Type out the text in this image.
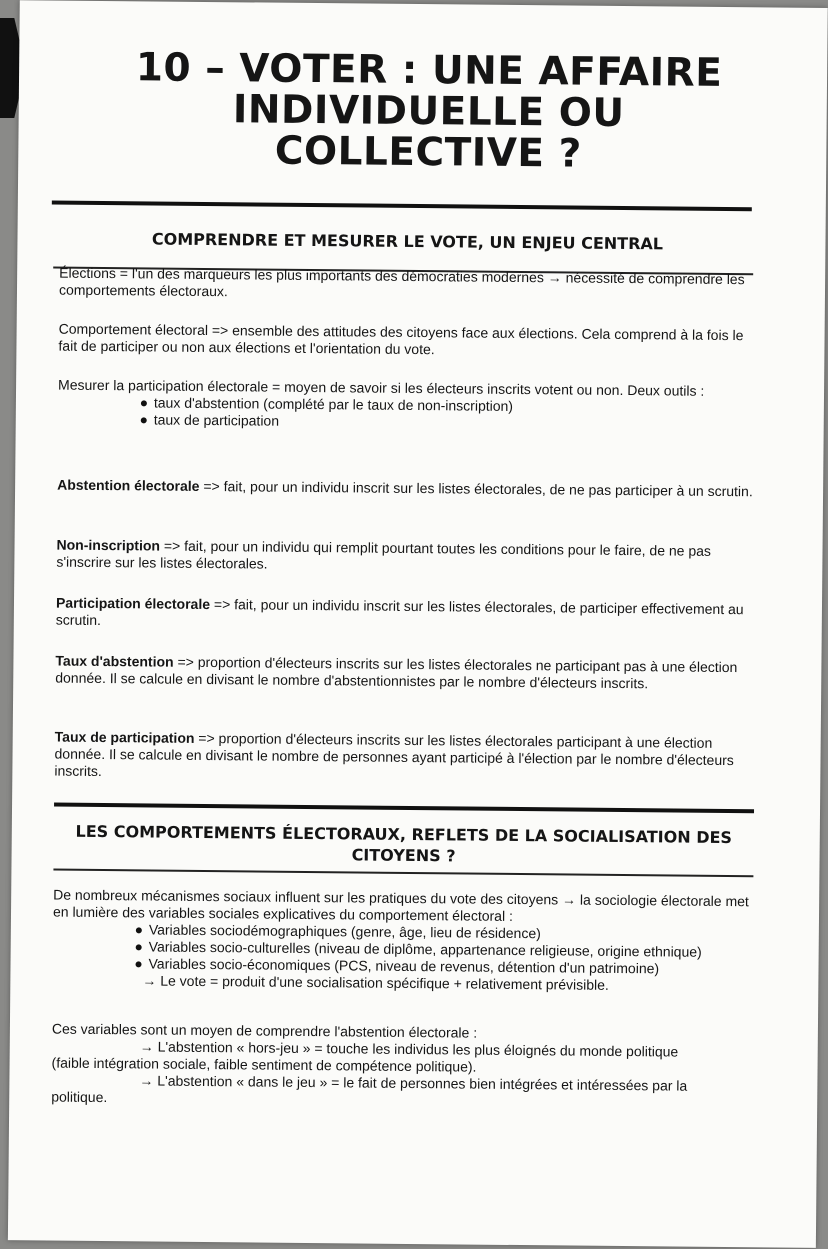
10 – VOTER : UNE AFFAIRE
INDIVIDUELLE OU
COLLECTIVE ?
COMPRENDRE ET MESURER LE VOTE, UN ENJEU CENTRAL
Élections = l'un des marqueurs les plus importants des démocraties modernes → nécessité de comprendre les comportements électoraux.
Comportement électoral => ensemble des attitudes des citoyens face aux élections. Cela comprend à la fois le fait de participer ou non aux élections et l'orientation du vote.
Mesurer la participation électorale = moyen de savoir si les électeurs inscrits votent ou non. Deux outils :
taux d'abstention (complété par le taux de non-inscription)
taux de participation
Abstention électorale => fait, pour un individu inscrit sur les listes électorales, de ne pas participer à un scrutin.
Non-inscription => fait, pour un individu qui remplit pourtant toutes les conditions pour le faire, de ne pas s'inscrire sur les listes électorales.
Participation électorale => fait, pour un individu inscrit sur les listes électorales, de participer effectivement au scrutin.
Taux d'abstention => proportion d'électeurs inscrits sur les listes électorales ne participant pas à une élection donnée. Il se calcule en divisant le nombre d'abstentionnistes par le nombre d'électeurs inscrits.
Taux de participation => proportion d'électeurs inscrits sur les listes électorales participant à une élection donnée. Il se calcule en divisant le nombre de personnes ayant participé à l'élection par le nombre d'électeurs inscrits.
LES COMPORTEMENTS ÉLECTORAUX, REFLETS DE LA SOCIALISATION DES
CITOYENS ?
De nombreux mécanismes sociaux influent sur les pratiques du vote des citoyens → la sociologie électorale met en lumière des variables sociales explicatives du comportement électoral :
Variables sociodémographiques (genre, âge, lieu de résidence)
Variables socio-culturelles (niveau de diplôme, appartenance religieuse, origine ethnique)
Variables socio-économiques (PCS, niveau de revenus, détention d'un patrimoine)
→ Le vote = produit d'une socialisation spécifique + relativement prévisible.
Ces variables sont un moyen de comprendre l'abstention électorale :
→ L'abstention « hors-jeu » = touche les individus les plus éloignés du monde politique
(faible intégration sociale, faible sentiment de compétence politique).
→ L'abstention « dans le jeu » = le fait de personnes bien intégrées et intéressées par la
politique.
